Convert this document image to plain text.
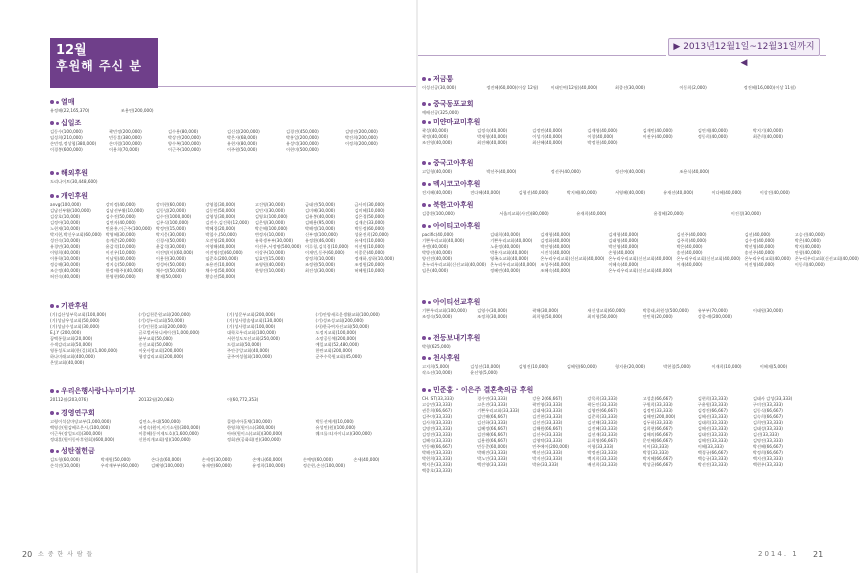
12월
후원해 주신 분
열매
유정해(22,165,370)	조용연(200,000)
십일조
김동수(100,000)	곽민정(200,000)	김수용(80,000)	김신섭(200,000)	김경진(450,000)	김명진(200,000)
임성희(210,000)	민동훈(380,000)	박상진(200,000)	박은자(68,000)	박홍일(200,000)	박진희(200,000)
손민정,정상협(380,000)	손미림(100,000)	양수복(100,000)	유현자(80,000)	유성덕(300,000)	이정희(200,000)
이경봉(600,000)	이용희(70,000)	이근주(100,000)	이주원(50,000)	이현미(500,000)
해외후원
도리나이트(30,448,600)
개인후원
anvg(100,000)	강미정(40,000)	강미현(60,000)	강영철(30,000)	고건영(30,000)	금태진(50,000)	금사미(30,000)
김남선부활(100,000)	김남선부활(10,000)	김동녘(20,000)	김동민(50,000)	김민지(30,000)	김미혜(30,000)	김미혜(10,000)
김상호(10,000)	김수진(50,000)	김수진(1000,000)	김영성(30,000)	김영호(100,000)	김유봉(40,000)	김은경(50,000)
김정아(10,000)	김연자(40,000)	김우식(100,000)	김진수,김건학(12,000)	김은영(30,000)	김해용(95,000)	김재순(33,000)
노현재(10,000)	민윤홍,이근주(100,000) 박정연(15,000)	박혜경(20,000)	박순해(100,000)	박해정(10,000)	박동정(60,000)
박지현,박신우교회(60,000) 박영혜(30,000)	박지웅(30,000)	박철수,(50,000)	변정자(10,000)	신부정(100,000)	성윤진희(20,000)
성진숙(10,000)	송계준(20,000)	신경서(50,000)	오진영(20,000)	유학생부부(30,000)	유정환(46,000)	유세덕(10,000)
유경민(30,000)	윤갑석(10,000)	윤갑석(30,000)	이영해(40,000)	이선우,서정명(500,000) 이루칭,김석경(10,000)	이선명(10,000)
이영희(40,000)	이선우(10,000)	이진명(이)(60,000)	이진명(정)(60,000)	이상주(10,000)	이재민,동주(60,000)	이종문(40,000)
이홍학(10,000)	이남원(40,000)	이용천(30,000)	임준호(200,000)	임효민(15,000)	장정희(10,000)	정재하,장하(10,000)
정승해(30,000)	정지승(50,000)	정성아(50,000)	조용진(10,000)	조영원(40,000)	조정원(50,000)	조정원(20,000)
조순정(40,000)	한정애(주)(40,000)	채수정(50,000)	채수정(50,000)	한영진(10,000)	최진성(30,000)	허혜원(10,000)
허진숙(40,000)	한영현(60,000)	황제(50,000)	황승선(50,000)
기관후원
(기)김산성부목교회(100,000)	(기)김천문원교회(200,000)	(기)성문부교회(200,000)	(기)안양새로운생활교회(100,000)
(기)성남우성교회(50,000)	(기)성누리교회(50,000)	(기)성사랑솔샘교회(130,000)	(기)성조성교회(200,000)
(기)성남수성교회(30,000)	(기)인천물교회(200,000)	(기)성사랑교회(100,000)	(사)한국여자선교회(50,000)
E.J.Y (200,000)	글로벌커뮤니케이션(1,000,000)	대학로우리교회(100,000)	도정지교회(100,000)
꿈맥통합교회(20,000)	분부교회(50,000)	서현성도모선교회(250,000)	소망공동체(200,000)
수색감리교회(50,000)	숭신교회(50,000)	드림교회(50,000)	예일교회(52,480,000)
영통성포교회(한(길)회)(1,000,000)	이웃사랑교회(200,000)	주안중앙교회(40,000)	한만교회(200,000)
하나미래교회(400,000)	형장감리교회(200,000)	군주여성협회(100,000)	군주수목원교회(45,000)
온빛교회(40,000)
우리은행사랑나누미기부
20112월(203,076)	20132월(20,083)	이(60,772,353)
경영연구회
고령이석살마당교부(1,000,000)	김연소,우대(500,000)	콜럼비아홀체(100,000)	박동선에게(10,000)
백영순(원감베로은시,(100,000)	서정숙(원이,이기소원)(300,000)	한영희(원이스)(300,000)	유성민(원)(100,000)
이근우(장일도리)(300,000)	이종혜(동이제도호)(1,600,000)	아바(원이스)(교회)(300,000)	퀘크를크(자이니교)(300,000)
정대훈(원이동아후원회)(600,000)	신한의개교회(생)(100,000)	정회관(공화회(전)(300,000)
성탄절헌금
김도형(60,000)	박제원(50,000)	손다솔(60,000)	손세정(30,000)	손예나(60,000)	손예명(60,000)	손세(40,000)
손석진(10,000)	우작재부부(60,000)	김혜영(100,000)	유재연(60,000)	유정희(100,000)	정순현,손신(100,000)
20 소 중 한 사 람 들
▶ 2013년12월1일~12월31일까지 ◀
저금통
이성선공(30,000)	정진혜(60,000)(이상 12월)	이태인여(12월)(40,000)	최종선(30,000)	이동희(2,000)	정진혜(16,000)(이상 11월)
중국동포교회
예배선공(325,000)
미얀마교미후원
곽성(40,000)	김정숙(40,000)	김정민(40,000)	김재영(40,000)	김재민(40,000)	김연재(40,000)	박지기(40,000)
곽정(40,000)	박재형(40,000)	이성기(40,000)	이창(40,000)	이권우(40,000)	정동희(40,000)	최준희(40,000)
조진영(40,000)	최진혜(40,000)	최산혜(40,000)	박정헌(40,000)
중국고아후원
고일형(40,000)	박선주(40,000)	정선주(40,000)	정선여(40,000)	조용식(40,000)
멕시코고아후원
전지혜(40,000)	전다혜(40,000)	김형선(40,000)	박지혜(40,000)	서영혜(40,000)	유재선(40,000)	이다혜(40,000)	이상진(40,000)
북한고아후원
김종환(100,000)	서울의교회(사진)(80,000)	유재희(40,000)	윤경혜(20,000)	이진경(30,000)
아이티고아후원
pacific(40,000)	김태희(40,000)	김재형(40,000)	김제형(40,000)	김선주(40,000)	김선(40,000)	고승선(40,000)
기쁜우리교회(40,000)	기쁜우리교회(40,000)	김정화(40,000)	김태영(40,000)	김주희(40,000)	김수정(40,000)	박은(40,000)
우엔(40,000)	노윤정(40,000)	박선영(40,000)	박선영(40,000)	박은(40,000)	박선영(40,000)	박지(40,000)
박방선(40,000)	박용자교회(40,000)	시진석(40,000)	손형(40,000)	송선(40,000)	송선주(40,000)	안형(40,000)
양선진(40,000)	영족소교회(40,000)	온누리우리교회(신선교회(40,000) 온누리우리교회(신선교회(40,000) 온누리우리교회(신선교회(40,000) 온누리우리교회(40,000) 온누리우리교회(신선교회(40,000)
온누리우리교회(신선교회(40,000) 온누리우리교회(40,000) 조성주(40,000)	이혜숙(40,000)	이재(40,000)	이진영(40,000)	이동희(40,000)
임은(40,000)	정혜린(40,000)	조혜숙(40,000)	온누리우리교회(신선교회(40,000)
아이티선교후원
기쁜우리교회(100,000)	김영수(30,000)	곽해(30,000)	새신생교회(60,000)	박종태,최원성(500,000)	유부부(70,000)	이태원(30,000)
조정숙(50,000)	조정희(30,000)	최희형(50,000)	최미형(50,000)	안민혁(20,000)	강종-례(200,000)
전등보내기후원
박형(625,000)
천사후원
고지희(5,000)	김성선(10,000)	김영진(10,000)	김혜원(60,000)	형지윤(20,000)	박현철(5,000)	이재희(10,000)	이혜재(5,000)
작소선(10,000)	윤선영(5,000)
민준홍 · 이은주 결혼축의금 후원
CH. ST(33,333)	경수연(33,333)	강용 2(66,667)	강목희(33,333)	고성훈(66,667)	김현희(33,333)	김태사 감성(33,333)
고승민(33,333)	고은진(33,333)	곽민영(33,333)	곽돈인(33,333)	구원희(33,333)	구윤원(33,333)	구미진(33,333)
권문희(66,667)	기쁜우리교회(33,333)	김대세(33,333)	김영란(66,667)	김정민(33,333)	김정진(66,667)	김동식(66,667)
김주미(33,333)	김인해(66,667)	김진현(33,333)	김준희(33,333)	김해연(200,000)	김혜선(33,333)	김숙희(66,667)
김사희(33,333)	김선하(33,333)	김선진(33,333)	김선해(33,333)	김두하(33,333)	김태희(33,333)	김희연(33,333)
김명진(33,333)	김혜정(66,667)	김해원(66,667)	김진혜(33,333)	김희현(66,667)	김해선(33,333)	김태성(33,333)
김정진(33,333)	김진혜(66,667)	김선주(33,333)	김선재(33,333)	김해의(66,667)	김태진(33,333)	김선(33,333)
김혜숙(33,333)	김용원(66,667)	김영탁(33,333)	류희영(66,667)	문인혜(66,667)	김해진(33,333)	김명진(33,333)
민동혜(66,667)	민동준(60,000)	민주에이(200,000)	이형(33,333)	이이(33,333)	이혜(33,333)	박선혜(66,667)
박해선(33,333)	박해진(33,333)	백선선(33,333)	박정권(33,333)	박창(33,333)	백경규(66,667)	박정희(66,667)
박현희(33,333)	박노인(33,333)	박지선(33,333)	백지희(33,333)	박지혜(66,667)	백승규(33,333)	백지선(33,333)
백지은(33,333)	백진영(33,333)	박유(33,333)	배선희(33,333)	박상균(66,667)	박선진(33,333)	백현우(33,333)
백종호(33,333)
2014. 1 21
